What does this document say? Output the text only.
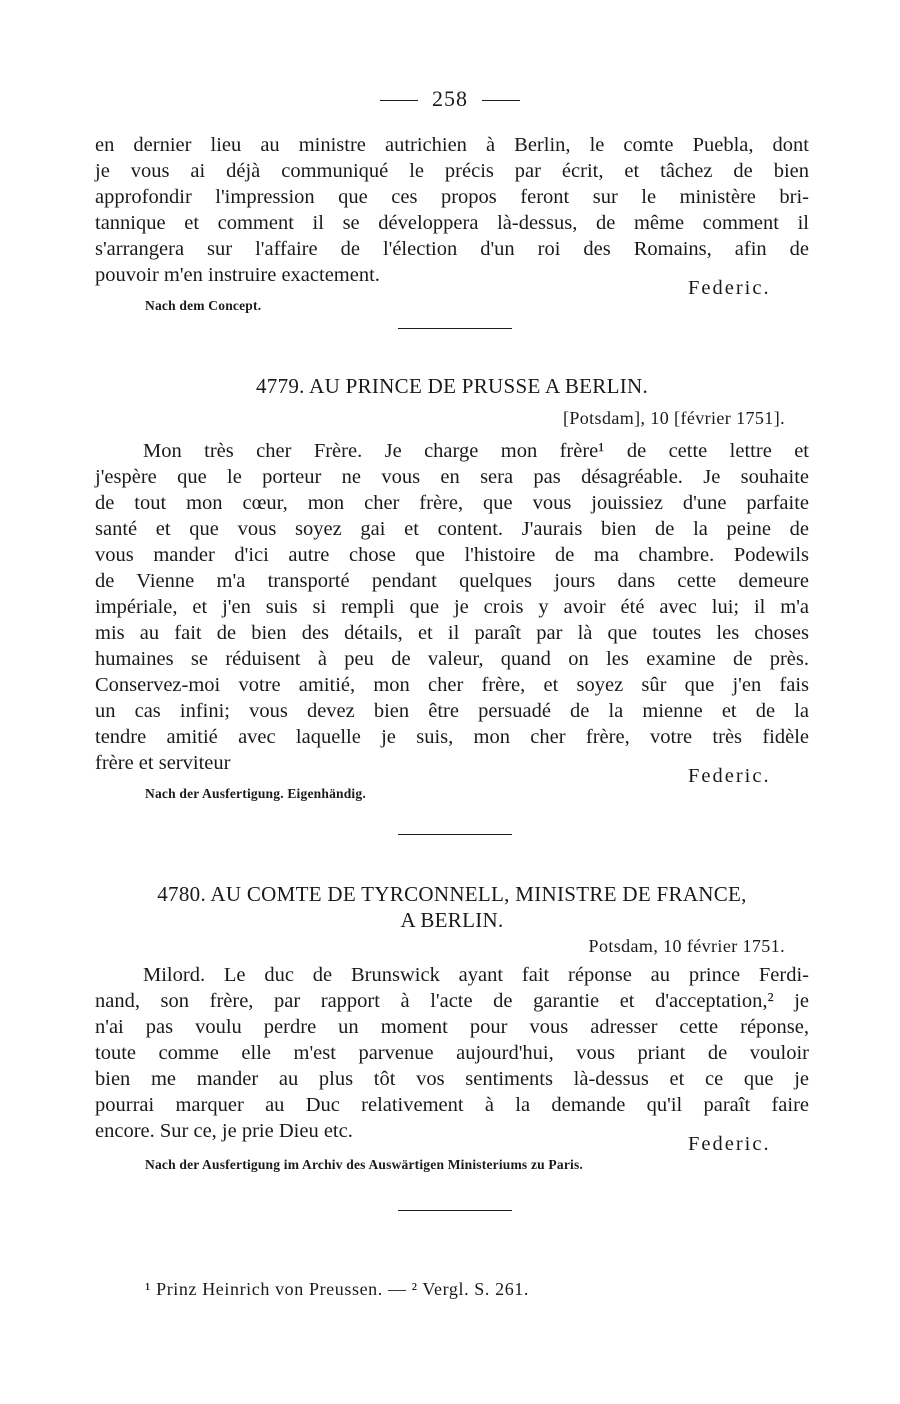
258
en dernier lieu au ministre autrichien à Berlin, le comte Puebla, dont
je vous ai déjà communiqué le précis par écrit, et tâchez de bien
approfondir l'impression que ces propos feront sur le ministère bri-
tannique et comment il se développera là-dessus, de même comment il
s'arrangera sur l'affaire de l'élection d'un roi des Romains, afin de
pouvoir m'en instruire exactement.
Federic.
Nach dem Concept.
4779. AU PRINCE DE PRUSSE A BERLIN.
[Potsdam], 10 [février 1751].
Mon très cher Frère. Je charge mon frère¹ de cette lettre et
j'espère que le porteur ne vous en sera pas désagréable. Je souhaite
de tout mon cœur, mon cher frère, que vous jouissiez d'une parfaite
santé et que vous soyez gai et content. J'aurais bien de la peine de
vous mander d'ici autre chose que l'histoire de ma chambre. Podewils
de Vienne m'a transporté pendant quelques jours dans cette demeure
impériale, et j'en suis si rempli que je crois y avoir été avec lui; il m'a
mis au fait de bien des détails, et il paraît par là que toutes les choses
humaines se réduisent à peu de valeur, quand on les examine de près.
Conservez-moi votre amitié, mon cher frère, et soyez sûr que j'en fais
un cas infini; vous devez bien être persuadé de la mienne et de la
tendre amitié avec laquelle je suis, mon cher frère, votre très fidèle
frère et serviteur
Federic.
Nach der Ausfertigung. Eigenhändig.
4780. AU COMTE DE TYRCONNELL, MINISTRE DE FRANCE,
A BERLIN.
Potsdam, 10 février 1751.
Milord. Le duc de Brunswick ayant fait réponse au prince Ferdi-
nand, son frère, par rapport à l'acte de garantie et d'acceptation,² je
n'ai pas voulu perdre un moment pour vous adresser cette réponse,
toute comme elle m'est parvenue aujourd'hui, vous priant de vouloir
bien me mander au plus tôt vos sentiments là-dessus et ce que je
pourrai marquer au Duc relativement à la demande qu'il paraît faire
encore. Sur ce, je prie Dieu etc.
Federic.
Nach der Ausfertigung im Archiv des Auswärtigen Ministeriums zu Paris.
¹ Prinz Heinrich von Preussen. — ² Vergl. S. 261.
